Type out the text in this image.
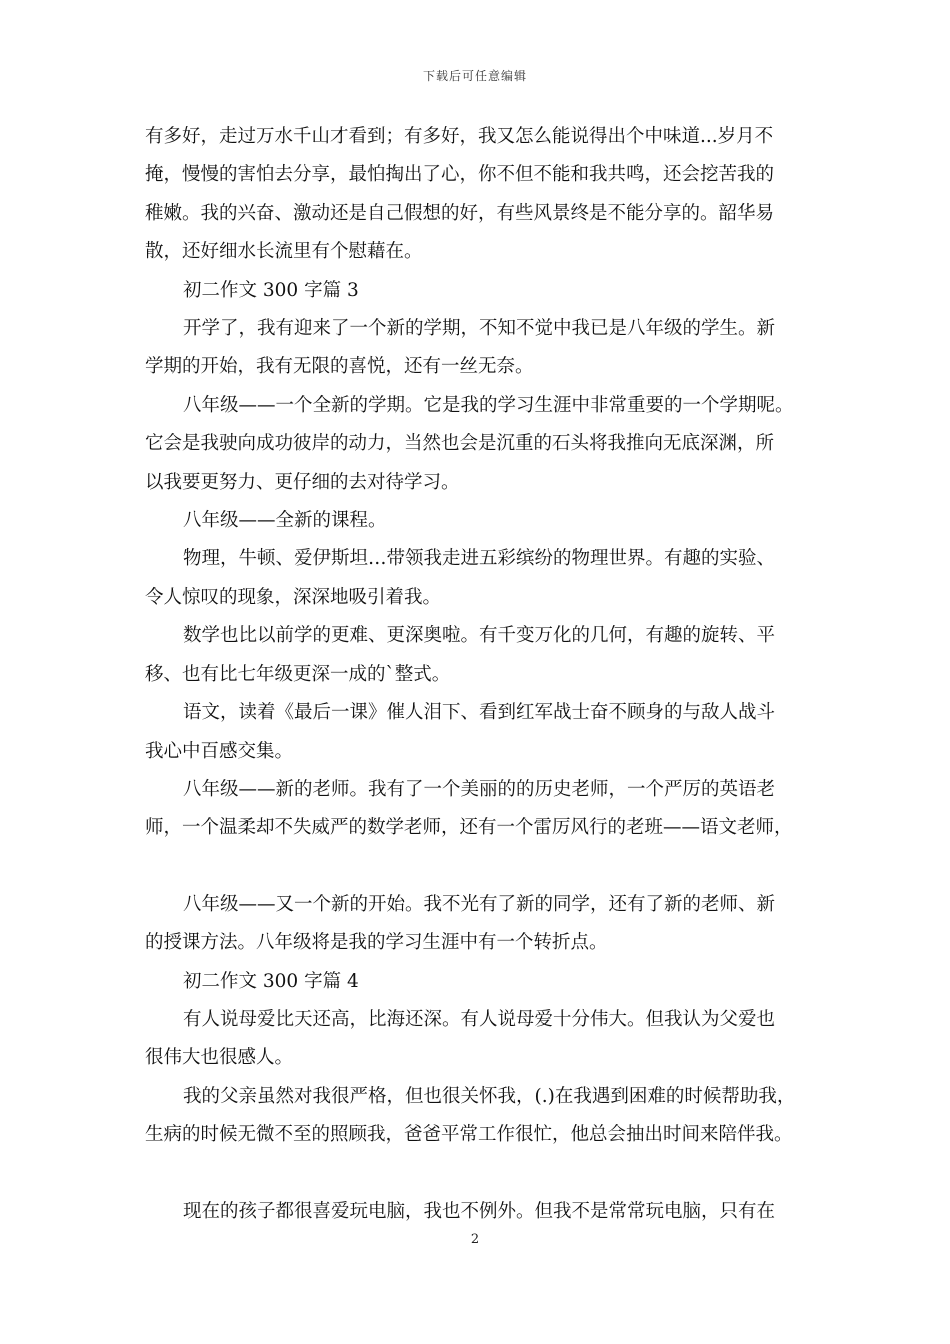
下载后可任意编辑

有多好，走过万水千山才看到；有多好，我又怎么能说得出个中味道...岁月不

掩，慢慢的害怕去分享，最怕掏出了心，你不但不能和我共鸣，还会挖苦我的

稚嫩。我的兴奋、激动还是自己假想的好，有些风景终是不能分享的。韶华易

散，还好细水长流里有个慰藉在。

初二作文 300 字篇 3

开学了，我有迎来了一个新的学期，不知不觉中我已是八年级的学生。新

学期的开始，我有无限的喜悦，还有一丝无奈。

八年级——一个全新的学期。它是我的学习生涯中非常重要的一个学期呢。

它会是我驶向成功彼岸的动力，当然也会是沉重的石头将我推向无底深渊，所

以我要更努力、更仔细的去对待学习。

八年级——全新的课程。

物理，牛顿、爱伊斯坦…带领我走进五彩缤纷的物理世界。有趣的实验、

令人惊叹的现象，深深地吸引着我。

数学也比以前学的更难、更深奥啦。有千变万化的几何，有趣的旋转、平

移、也有比七年级更深一成的`整式。

语文，读着《最后一课》催人泪下、看到红军战士奋不顾身的与敌人战斗

我心中百感交集。

八年级——新的老师。我有了一个美丽的的历史老师，一个严厉的英语老

师，一个温柔却不失威严的数学老师，还有一个雷厉风行的老班——语文老师，

八年级——又一个新的开始。我不光有了新的同学，还有了新的老师、新

的授课方法。八年级将是我的学习生涯中有一个转折点。

初二作文 300 字篇 4

有人说母爱比天还高，比海还深。有人说母爱十分伟大。但我认为父爱也

很伟大也很感人。

我的父亲虽然对我很严格，但也很关怀我，(.)在我遇到困难的时候帮助我，

生病的时候无微不至的照顾我，爸爸平常工作很忙，他总会抽出时间来陪伴我。

现在的孩子都很喜爱玩电脑，我也不例外。但我不是常常玩电脑，只有在

2
